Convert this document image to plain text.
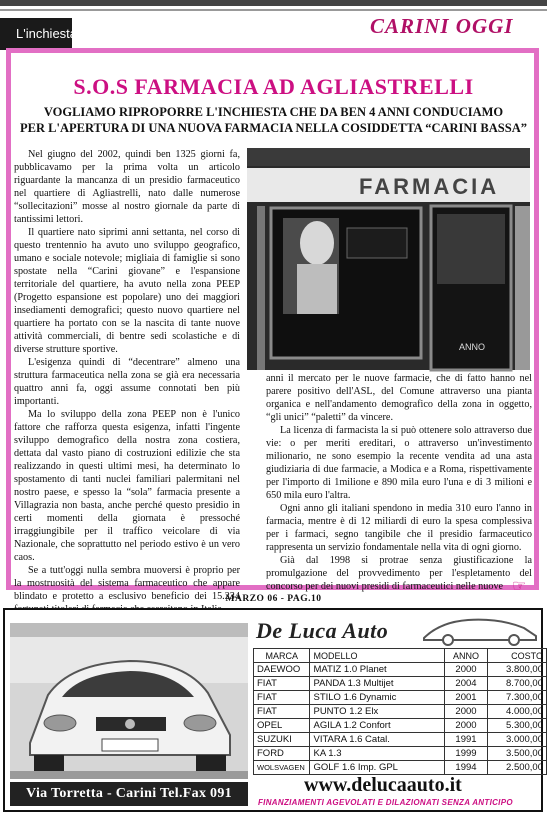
L'inchiesta	CARINI OGGI
S.O.S FARMACIA AD AGLIASTRELLI
VOGLIAMO RIPROPORRE L'INCHIESTA CHE DA BEN 4 ANNI CONDUCIAMO
PER L'APERTURA DI UNA NUOVA FARMACIA NELLA COSIDDETTA “CARINI BASSA”

Nel giugno del 2002, quindi ben 1325 giorni fa, pubblicavamo per la prima volta un articolo riguardante la mancanza di un presidio farmaceutico nel quartiere di Agliastrelli, nato dalle numerose “sollecitazioni” mosse al nostro giornale da parte di tantissimi lettori.

Il quartiere nato siprimi anni settanta, nel corso di questo trentennio ha avuto uno sviluppo geografico, umano e sociale notevole; migliaia di famiglie si sono spostate nella “Carini giovane” e l'espansione territoriale del quartiere, ha avuto nella zona PEEP (Progetto espansione est popolare) uno dei maggiori insediamenti demografici; questo nuovo quartiere nel quartiere ha portato con se la nascita di tante nuove attività commerciali, di bentre sedi scolastiche e di diverse strutture sportive.

L'esigenza quindi di “decentrare” almeno una struttura farmaceutica nella zona se già era necessaria quattro anni fa, oggi assume connotati ben più importanti.

Ma lo sviluppo della zona PEEP non è l'unico fattore che rafforza questa esigenza, infatti l'ingente sviluppo demografico della nostra zona costiera, dettata dal vasto piano di costruzioni edilizie che sta realizzando in questi ultimi mesi, ha determinato lo spostamento di tanti nuclei familiari palermitani nel nostro paese, e spesso la “sola” farmacia presente a Villagrazia non basta, anche perché questo presidio in certi momenti della giornata è pressoché irraggiungibile per il traffico veicolare di via Nazionale, che soprattutto nel periodo estivo è un vero caos.

Se a tutt'oggi nulla sembra muoversi è proprio per la mostruosità del sistema farmaceutico che appare blindato e protetto a esclusivo beneficio dei 15.234

FARMACIA
ANNO

anni il mercato per le nuove farmacie, che di fatto hanno nel parere positivo dell'ASL, del Comune attraverso una pianta organica e nell'andamento demografico della zona in oggetto, “gli unici” “paletti” da vincere.

La licenza di farmacista la si può ottenere solo attraverso due vie: o per meriti ereditari, o attraverso un'investimento milionario, ne sono esempio la recente vendita ad una asta giudiziaria di due farmacie, a Modica e a Roma, rispettivamente per l'importo di 1milione e 890 mila euro l'una e di 3 milioni e 650 mila euro l'altra.

Ogni anno gli italiani spendono in media 310 euro l'anno in farmacia, mentre è di 12 miliardi di euro la spesa complessiva per i farmaci, segno tangibile che il presidio farmaceutico rappresenta un servizio fondamentale nella vita di ogni giorno.

Già dal 1998 si protrae senza giustificazione la promulgazione del provvedimento per l'espletamento del concorso per dei nuovi presidi di farmaceutici nelle nuove ☞
MARZO 06 - PAG.10
Via Torretta - Carini Tel.Fax 091 8688217
De Luca Auto
MARCA	MODELLO	ANNO	COSTO
DAEWOO	MATIZ 1.0 Planet	2000	3.800,00
FIAT	PANDA 1.3 Multijet	2004	8.700,00
FIAT	STILO 1.6 Dynamic	2001	7.300,00
FIAT	PUNTO 1.2 Elx	2000	4.000,00
OPEL	AGILA 1.2 Confort	2000	5.300,00
SUZUKI	VITARA 1.6 Catal.	1991	3.000,00
FORD	KA 1.3	1999	3.500,00
WOLSVAGEN	GOLF 1.6 Imp. GPL	1994	2.500,00
www.delucaauto.it
FINANZIAMENTI AGEVOLATI E DILAZIONATI SENZA ANTICIPO
